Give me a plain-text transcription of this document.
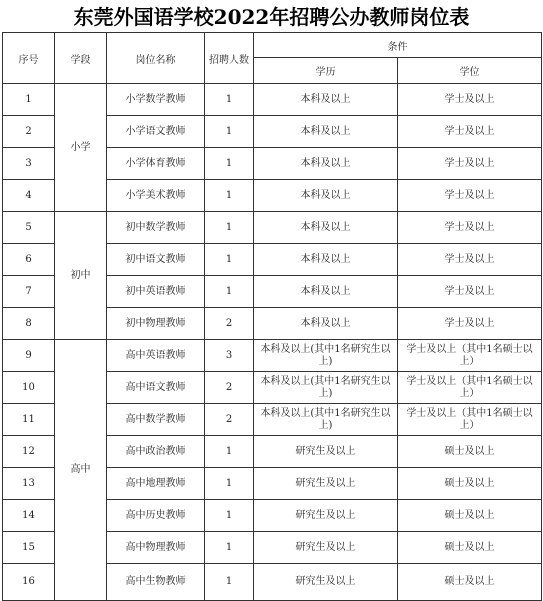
东莞外国语学校2022年招聘公办教师岗位表
序号	学段	岗位名称	招聘人数	条件	
				学历	学位
1	小学	小学数学教师	1	本科及以上	学士及以上
2		小学语文教师	1	本科及以上	学士及以上
3		小学体育教师	1	本科及以上	学士及以上
4		小学美术教师	1	本科及以上	学士及以上
5	初中	初中数学教师	1	本科及以上	学士及以上
6		初中语文教师	1	本科及以上	学士及以上
7		初中英语教师	1	本科及以上	学士及以上
8		初中物理教师	2	本科及以上	学士及以上
9	高中	高中英语教师	3	本科及以上(其中1名研究生以上)	学士及以上（其中1名硕士以上）
10		高中语文教师	2	本科及以上(其中1名研究生以上)	学士及以上（其中1名硕士以上）
11		高中数学教师	2	本科及以上(其中1名研究生以上)	学士及以上（其中1名硕士以上）
12		高中政治教师	1	研究生及以上	硕士及以上
13		高中地理教师	1	研究生及以上	硕士及以上
14		高中历史教师	1	研究生及以上	硕士及以上
15		高中物理教师	1	研究生及以上	硕士及以上
16		高中生物教师	1	研究生及以上	硕士及以上
